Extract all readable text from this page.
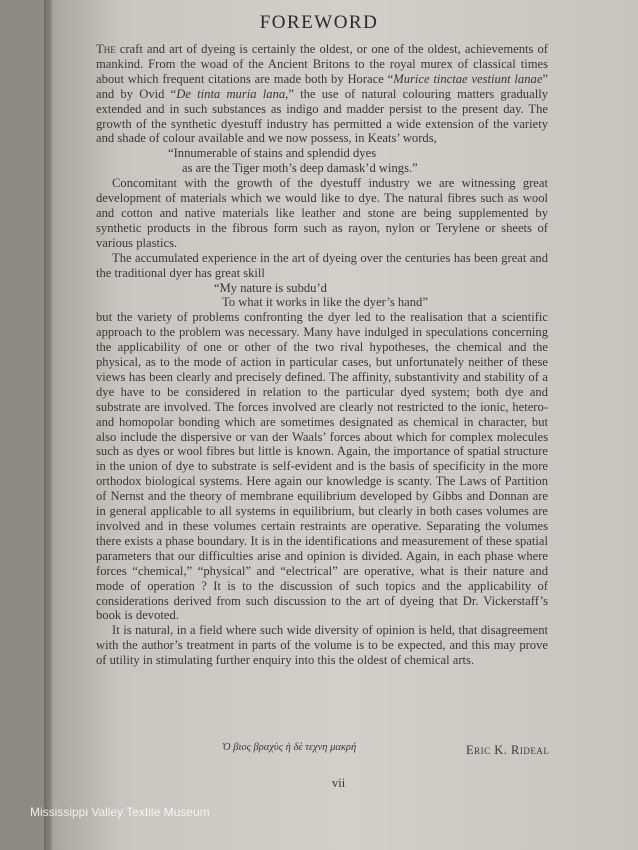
FOREWORD

The craft and art of dyeing is certainly the oldest, or one of the oldest, achievements of mankind. From the woad of the Ancient Britons to the royal murex of classical times about which frequent citations are made both by Horace “Murice tinctae vestiunt lanae” and by Ovid “De tinta muria lana,” the use of natural colouring matters gradually extended and in such substances as indigo and madder persist to the present day. The growth of the synthetic dyestuff industry has permitted a wide extension of the variety and shade of colour available and we now possess, in Keats’ words,

“Innumerable of stains and splendid dyes
as are the Tiger moth’s deep damask’d wings.”

Concomitant with the growth of the dyestuff industry we are witnessing great development of materials which we would like to dye. The natural fibres such as wool and cotton and native materials like leather and stone are being supplemented by synthetic products in the fibrous form such as rayon, nylon or Terylene or sheets of various plastics.

The accumulated experience in the art of dyeing over the centuries has been great and the traditional dyer has great skill

“My nature is subdu’d
To what it works in like the dyer’s hand”

but the variety of problems confronting the dyer led to the realisation that a scientific approach to the problem was necessary. Many have indulged in speculations concerning the applicability of one or other of the two rival hypotheses, the chemical and the physical, as to the mode of action in particular cases, but unfortunately neither of these views has been clearly and precisely defined. The affinity, substantivity and stability of a dye have to be considered in relation to the particular dyed system; both dye and substrate are involved. The forces involved are clearly not restricted to the ionic, hetero- and homopolar bonding which are sometimes designated as chemical in character, but also include the dispersive or van der Waals’ forces about which for complex molecules such as dyes or wool fibres but little is known. Again, the importance of spatial structure in the union of dye to substrate is self-evident and is the basis of specificity in the more orthodox biological systems. Here again our knowledge is scanty. The Laws of Partition of Nernst and the theory of membrane equilibrium developed by Gibbs and Donnan are in general applicable to all systems in equilibrium, but clearly in both cases volumes are involved and in these volumes certain restraints are operative. Separating the volumes there exists a phase boundary. It is in the identifications and measurement of these spatial parameters that our difficulties arise and opinion is divided. Again, in each phase where forces “chemical,” “physical” and “electrical” are operative, what is their nature and mode of operation ? It is to the discussion of such topics and the applicability of considerations derived from such discussion to the art of dyeing that Dr. Vickerstaff’s book is devoted.

It is natural, in a field where such wide diversity of opinion is held, that disagreement with the author’s treatment in parts of the volume is to be expected, and this may prove of utility in stimulating further enquiry into this the oldest of chemical arts.

Ὁ βιος βραχὺς ἡ δὲ τεχνη μακρή	Eric K. Rideal
vii
Mississippi Valley Textile Museum
